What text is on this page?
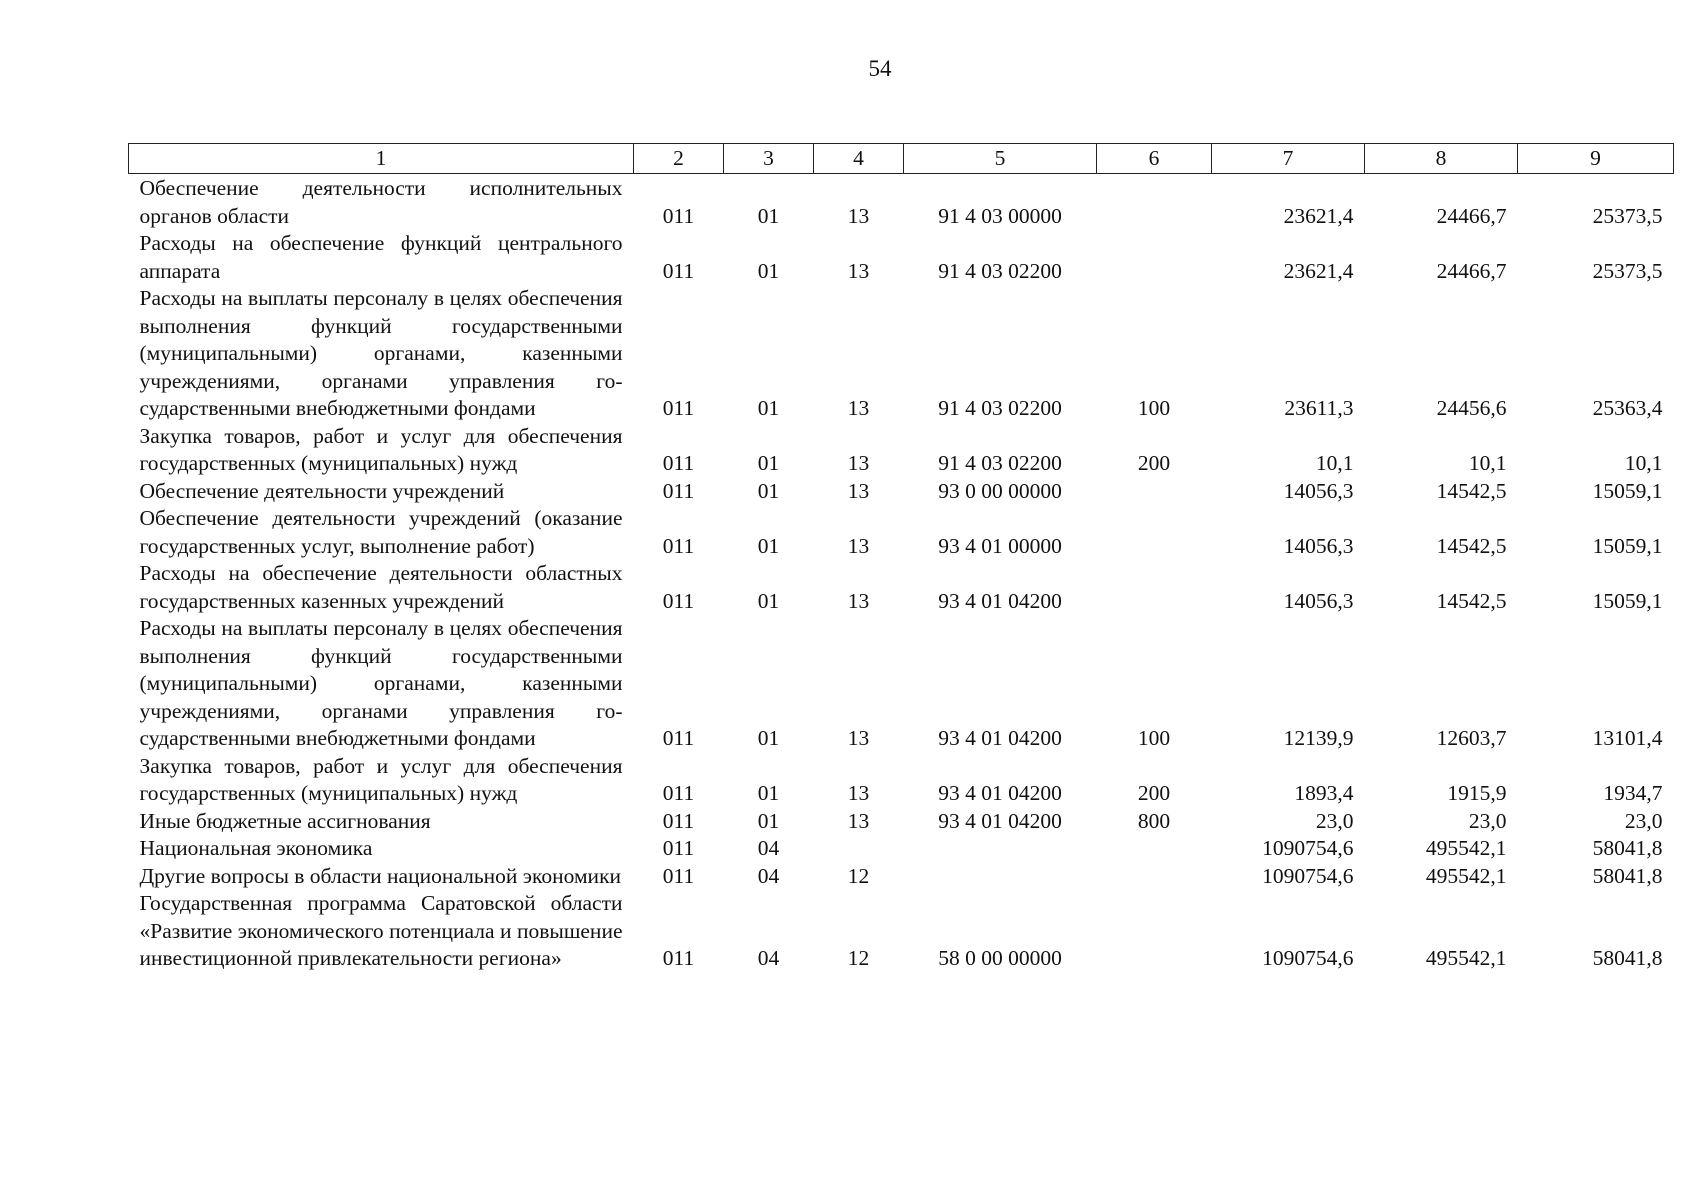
54
1	2	3	4	5	6	7	8	9
Обеспечение деятельности исполнительных органов области	011	01	13	91 4 03 00000		23621,4	24466,7	25373,5
Расходы на обеспечение функций центрального аппарата	011	01	13	91 4 03 02200		23621,4	24466,7	25373,5
Расходы на выплаты персоналу в целях обеспечения выполнения функций государственными (муниципальными) органами, казенными учреждениями, органами управления государственными внебюджетными фондами	011	01	13	91 4 03 02200	100	23611,3	24456,6	25363,4
Закупка товаров, работ и услуг для обеспечения государственных (муниципальных) нужд	011	01	13	91 4 03 02200	200	10,1	10,1	10,1
Обеспечение деятельности учреждений	011	01	13	93 0 00 00000		14056,3	14542,5	15059,1
Обеспечение деятельности учреждений (оказание государственных услуг, выполнение работ)	011	01	13	93 4 01 00000		14056,3	14542,5	15059,1
Расходы на обеспечение деятельности областных государственных казенных учреждений	011	01	13	93 4 01 04200		14056,3	14542,5	15059,1
Расходы на выплаты персоналу в целях обеспечения выполнения функций государственными (муниципальными) органами, казенными учреждениями, органами управления государственными внебюджетными фондами	011	01	13	93 4 01 04200	100	12139,9	12603,7	13101,4
Закупка товаров, работ и услуг для обеспечения государственных (муниципальных) нужд	011	01	13	93 4 01 04200	200	1893,4	1915,9	1934,7
Иные бюджетные ассигнования	011	01	13	93 4 01 04200	800	23,0	23,0	23,0
Национальная экономика	011	04				1090754,6	495542,1	58041,8
Другие вопросы в области национальной экономики	011	04	12			1090754,6	495542,1	58041,8
Государственная программа Саратовской области «Развитие экономического потенциала и повышение инвестиционной привлекательности региона»	011	04	12	58 0 00 00000		1090754,6	495542,1	58041,8
